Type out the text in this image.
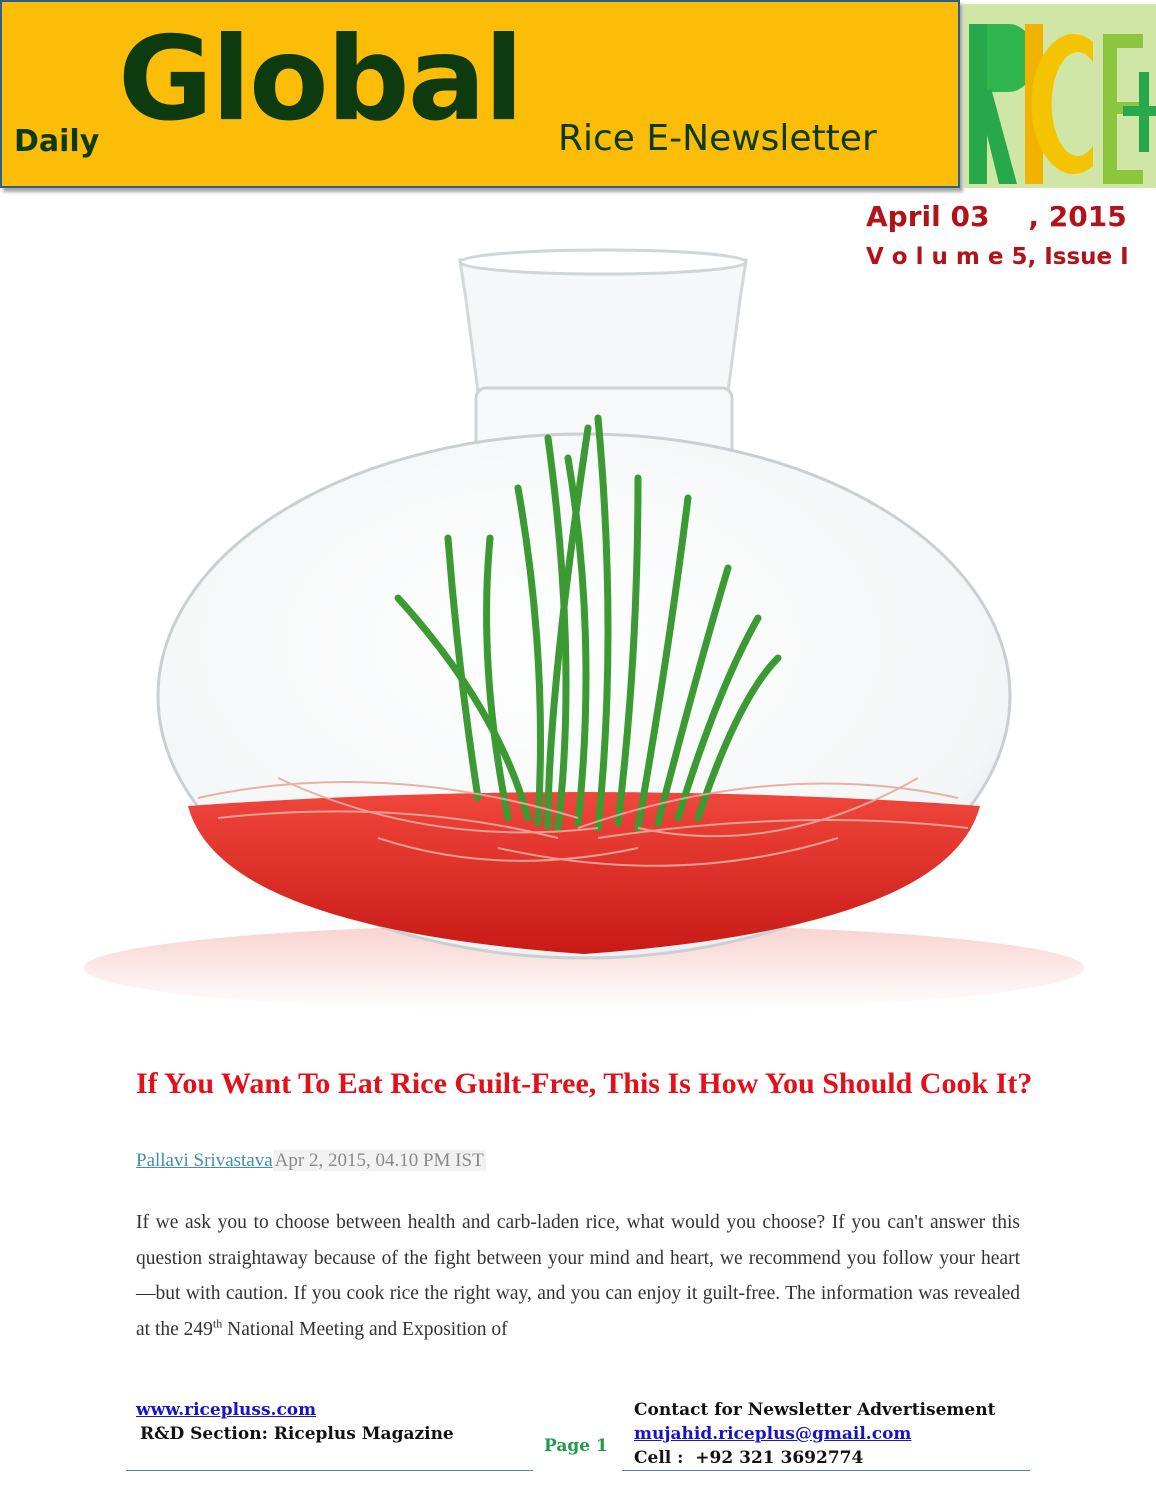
Daily Global Rice E-Newsletter
April 03    , 2015
V o l u m e 5, Issue I
If You Want To Eat Rice Guilt-Free, This Is How You Should Cook It?
Pallavi Srivastava Apr 2, 2015, 04.10 PM IST

If we ask you to choose between health and carb-laden rice, what would you choose? If you can't answer this question straightaway because of the fight between your mind and heart, we recommend you follow your heart—but with caution. If you cook rice the right way, and you can enjoy it guilt-free. The information was revealed at the 249th National Meeting and Exposition of

www.ricepluss.com
R&D Section: Riceplus Magazine
Page 1
Contact for Newsletter Advertisement
mujahid.riceplus@gmail.com
Cell :  +92 321 3692774
